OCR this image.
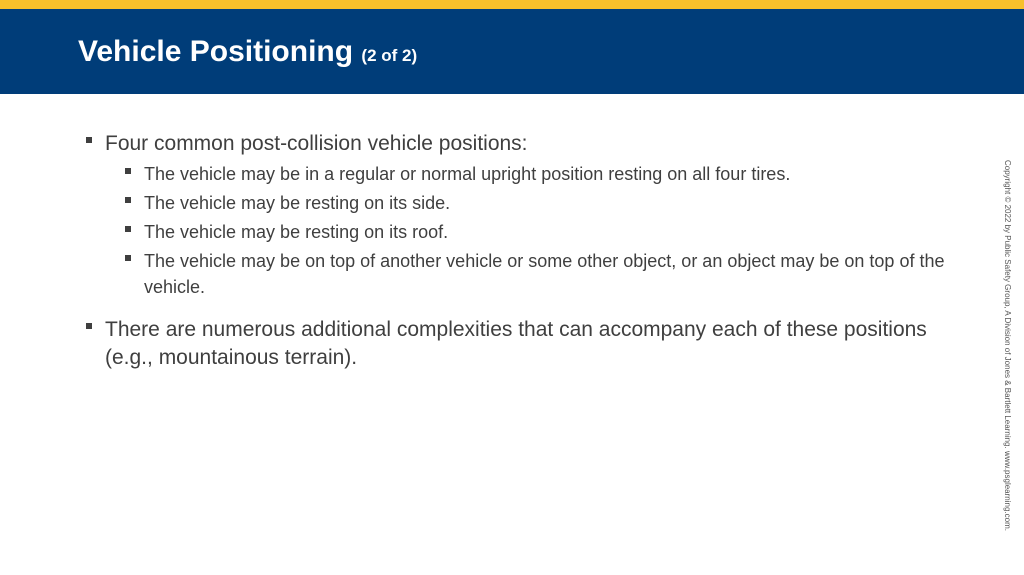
Vehicle Positioning (2 of 2)
Four common post-collision vehicle positions:
The vehicle may be in a regular or normal upright position resting on all four tires.
The vehicle may be resting on its side.
The vehicle may be resting on its roof.
The vehicle may be on top of another vehicle or some other object, or an object may be on top of the vehicle.
There are numerous additional complexities that can accompany each of these positions (e.g., mountainous terrain).	Copyright © 2022 by Public Safety Group, A Division of Jones & Bartlett Learning. www.psglearning.com.
